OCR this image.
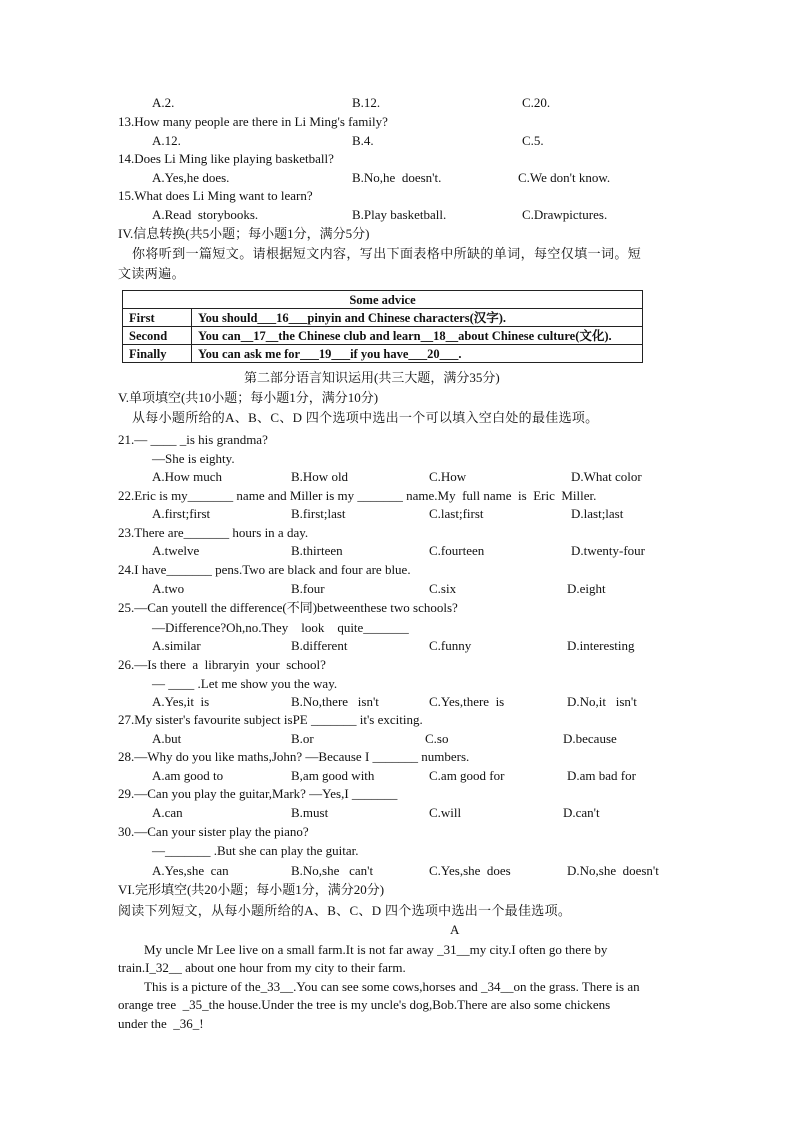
A.2.	B.12.	C.20.
13.How many people are there in Li Ming's family?
A.12.	B.4.	C.5.
14.Does Li Ming like playing basketball?
A.Yes,he does.	B.No,he  doesn't.	C.We don't know.
15.What does Li Ming want to learn?
A.Read  storybooks.	B.Play basketball.	C.Drawpictures.
IV.信息转换(共5小题；每小题1分，满分5分)
你将听到一篇短文。请根据短文内容，写出下面表格中所缺的单词，每空仅填一词。短
文读两遍。
Some advice	
First	You should___16___pinyin and Chinese characters(汉字).
Second	You can__17__the Chinese club and learn__18__about Chinese culture(文化).
Finally	You can ask me for___19___if you have___20___.
第二部分语言知识运用(共三大题，满分35分)
V.单项填空(共10小题；每小题1分，满分10分)
从每小题所给的A、B、C、D 四个选项中选出一个可以填入空白处的最佳选项。
21.— ____ _is his grandma?
—She is eighty.
A.How much	B.How old	C.How	D.What color
22.Eric is my_______ name and Miller is my _______ name.My  full name  is  Eric  Miller.
A.first;first	B.first;last	C.last;first	D.last;last
23.There are_______ hours in a day.
A.twelve	B.thirteen	C.fourteen	D.twenty-four
24.I have_______ pens.Two are black and four are blue.
A.two	B.four	C.six	D.eight
25.—Can youtell the difference(不同)betweenthese two schools?
—Difference?Oh,no.They    look    quite_______
A.similar	B.different	C.funny	D.interesting
26.—Is there  a  libraryin  your  school?
— ____ .Let me show you the way.
A.Yes,it  is	B.No,there   isn't	C.Yes,there  is	D.No,it   isn't
27.My sister's favourite subject isPE _______ it's exciting.
A.but	B.or	C.so	D.because
28.—Why do you like maths,John? —Because I _______ numbers.
A.am good to	B,am good with	C.am good for	D.am bad for
29.—Can you play the guitar,Mark? —Yes,I _______
A.can	B.must	C.will	D.can't
30.—Can your sister play the piano?
—_______ .But she can play the guitar.
A.Yes,she  can	B.No,she   can't	C.Yes,she  does	D.No,she  doesn't
VI.完形填空(共20小题；每小题1分，满分20分)
阅读下列短文，从每小题所给的A、B、C、D 四个选项中选出一个最佳选项。
A
My uncle Mr Lee live on a small farm.It is not far away _31__my city.I often go there by
train.I_32__ about one hour from my city to their farm.
This is a picture of the_33__.You can see some cows,horses and _34__on the grass. There is an
orange tree  _35_the house.Under the tree is my uncle's dog,Bob.There are also some chickens
under the  _36_!
